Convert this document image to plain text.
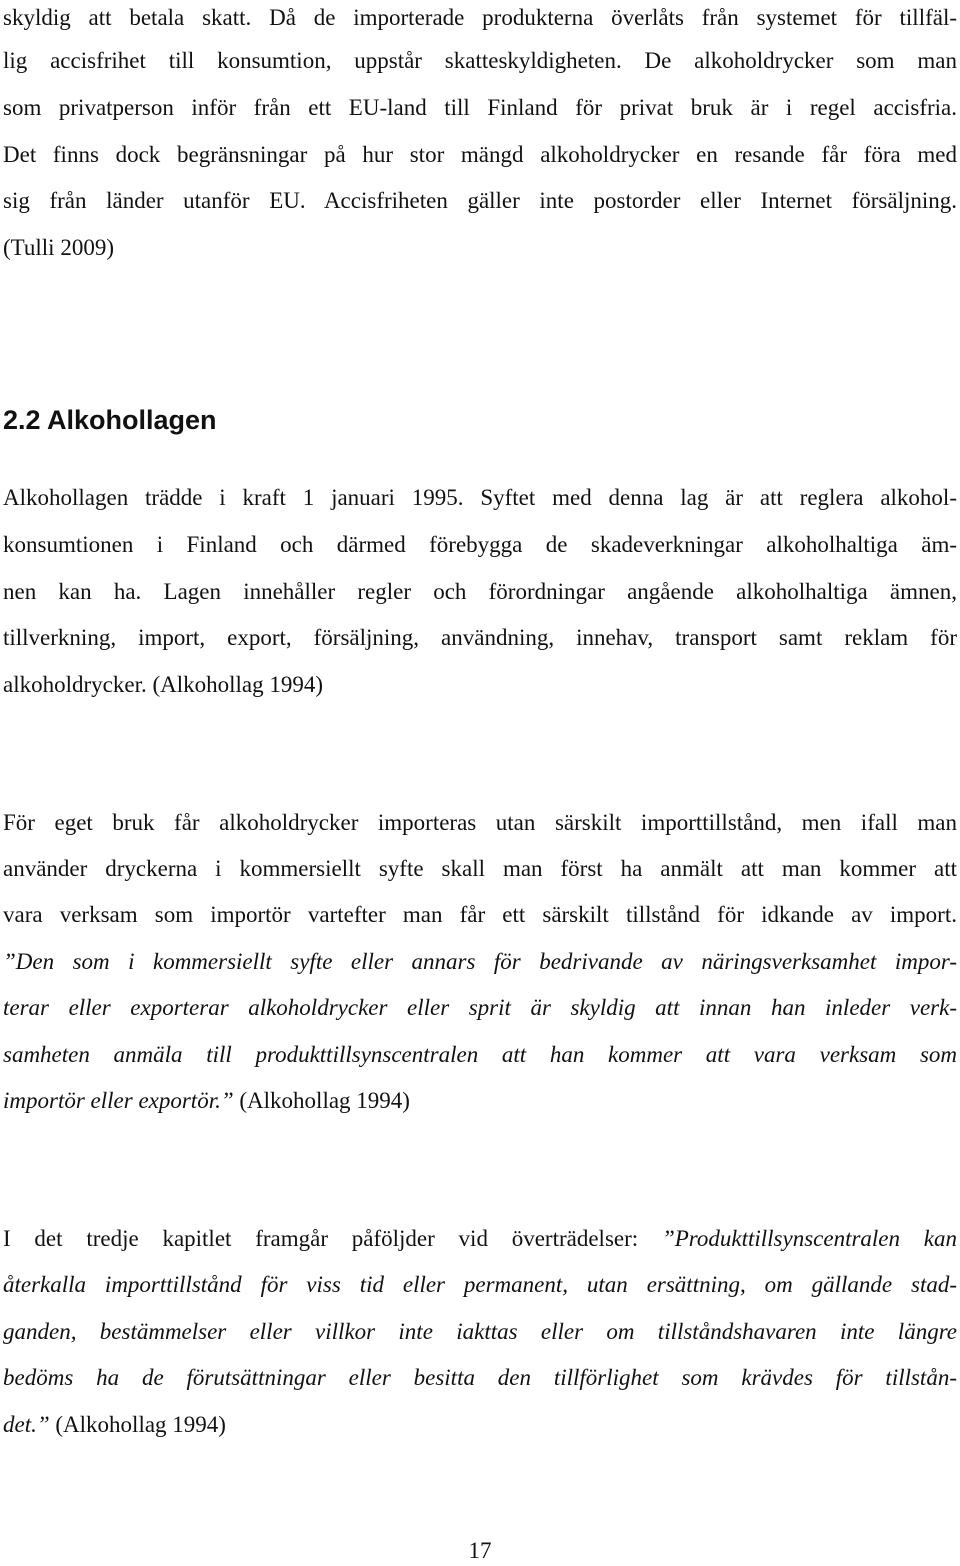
skyldig att betala skatt. Då de importerade produkterna överlåts från systemet för tillfäl-
lig accisfrihet till konsumtion, uppstår skatteskyldigheten. De alkoholdrycker som man
som privatperson inför från ett EU-land till Finland för privat bruk är i regel accisfria.
Det finns dock begränsningar på hur stor mängd alkoholdrycker en resande får föra med
sig från länder utanför EU. Accisfriheten gäller inte postorder eller Internet försäljning.
(Tulli 2009)
2.2 Alkohollagen
Alkohollagen trädde i kraft 1 januari 1995. Syftet med denna lag är att reglera alkohol-
konsumtionen i Finland och därmed förebygga de skadeverkningar alkoholhaltiga äm-
nen kan ha. Lagen innehåller regler och förordningar angående alkoholhaltiga ämnen,
tillverkning, import, export, försäljning, användning, innehav, transport samt reklam för
alkoholdrycker. (Alkohollag 1994)
För eget bruk får alkoholdrycker importeras utan särskilt importtillstånd, men ifall man
använder dryckerna i kommersiellt syfte skall man först ha anmält att man kommer att
vara verksam som importör vartefter man får ett särskilt tillstånd för idkande av import.
”Den som i kommersiellt syfte eller annars för bedrivande av näringsverksamhet impor-
terar eller exporterar alkoholdrycker eller sprit är skyldig att innan han inleder verk-
samheten anmäla till produkttillsynscentralen att han kommer att vara verksam som
importör eller exportör.” (Alkohollag 1994)
I det tredje kapitlet framgår påföljder vid överträdelser: ”Produkttillsynscentralen kan
återkalla importtillstånd för viss tid eller permanent, utan ersättning, om gällande stad-
ganden, bestämmelser eller villkor inte iakttas eller om tillståndshavaren inte längre
bedöms ha de förutsättningar eller besitta den tillförlighet som krävdes för tillstån-
det.” (Alkohollag 1994)
17
